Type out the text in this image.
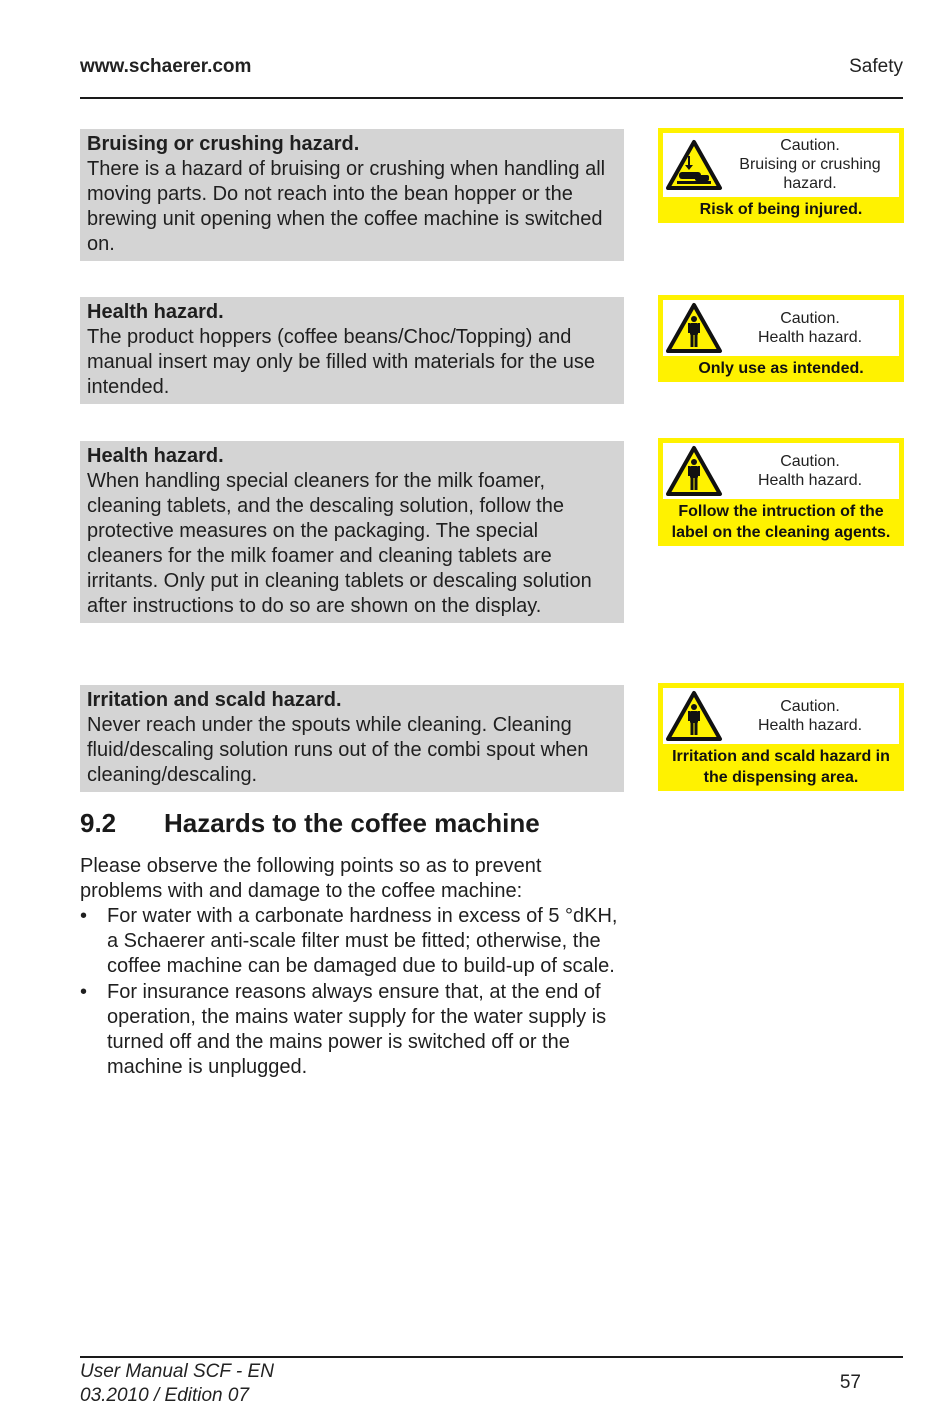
www.schaerer.com	Safety
Bruising or crushing hazard.
There is a hazard of bruising or crushing when handling all moving parts. Do not reach into the bean hopper or the brewing unit opening when the coffee machine is switched on.
Caution.
Bruising or crushing
hazard.
Risk of being injured.
Health hazard.
The product hoppers (coffee beans/Choc/Topping) and manual insert may only be filled with materials for the use intended.
Caution.
Health hazard.
Only use as intended.
Health hazard.
When handling special cleaners for the milk foamer, cleaning tablets, and the descaling solution, follow the protective measures on the packaging. The special cleaners for the milk foamer and cleaning tablets are irritants. Only put in cleaning tablets or descaling solution after instructions to do so are shown on the display.
Caution.
Health hazard.
Follow the intruction of the label on the cleaning agents.
Irritation and scald hazard.
Never reach under the spouts while cleaning. Cleaning fluid/descaling solution runs out of the combi spout when cleaning/descaling.
Caution.
Health hazard.
Irritation and scald hazard in the dispensing area.
9.2 Hazards to the coffee machine
Please observe the following points so as to prevent problems with and damage to the coffee machine:
• For water with a carbonate hardness in excess of 5 °dKH, a Schaerer anti-scale filter must be fitted; otherwise, the coffee machine can be damaged due to build-up of scale.
• For insurance reasons always ensure that, at the end of operation, the mains water supply for the water supply is turned off and the mains power is switched off or the machine is unplugged.
User Manual SCF - EN
03.2010 / Edition 07
57
